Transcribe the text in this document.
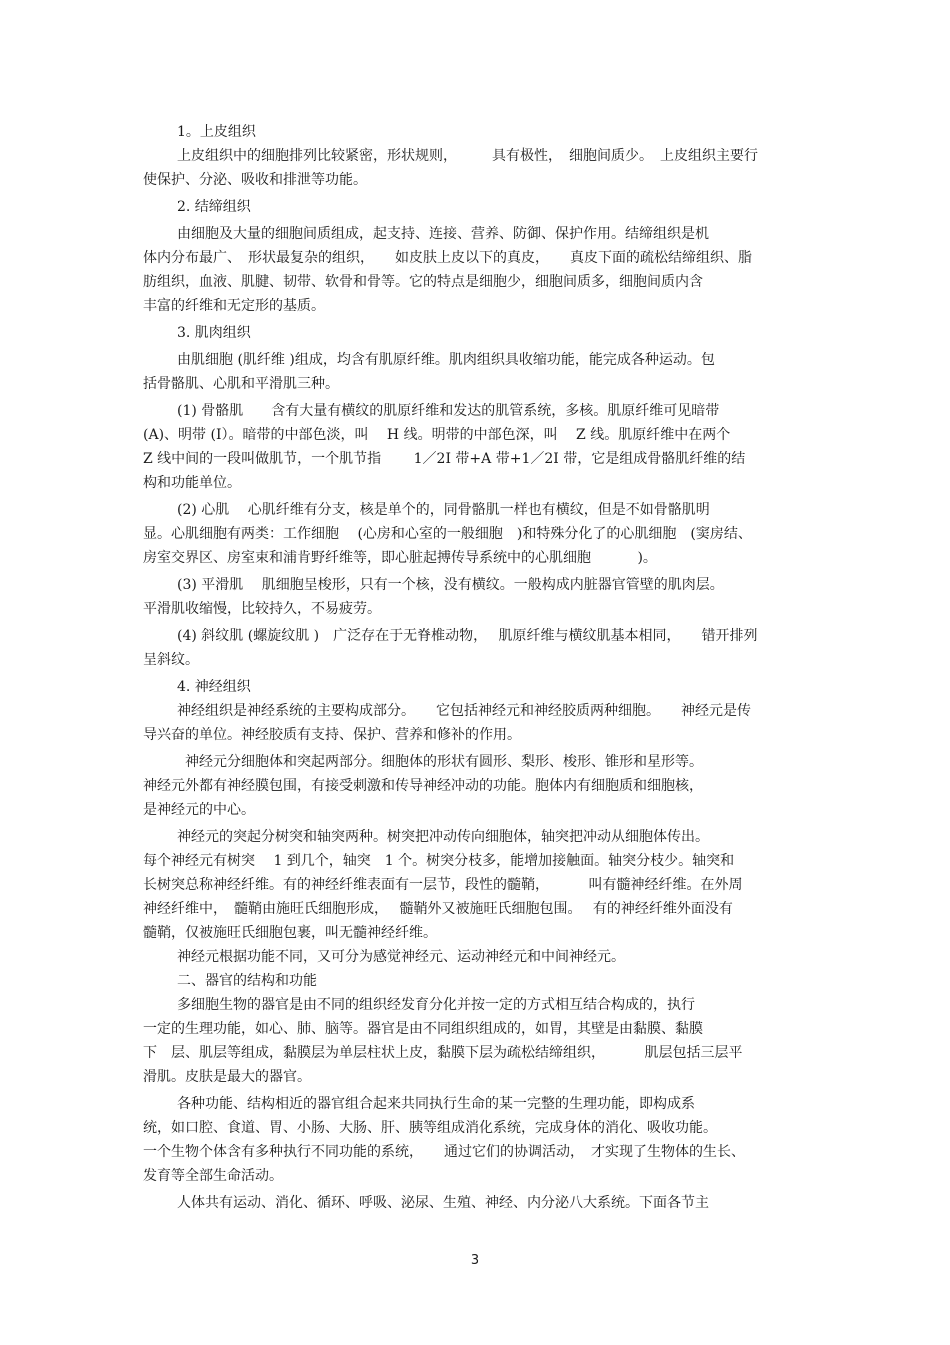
1。上皮组织
上皮组织中的细胞排列比较紧密，形状规则，　　　具有极性，　细胞间质少。　上皮组织主要行
使保护、分泌、吸收和排泄等功能。
2. 结缔组织
由细胞及大量的细胞间质组成，起支持、连接、营养、防御、保护作用。结缔组织是机
体内分布最广、　形状最复杂的组织，　　如皮肤上皮以下的真皮，　　真皮下面的疏松结缔组织、脂
肪组织，血液、肌腱、韧带、软骨和骨等。它的特点是细胞少，细胞间质多，细胞间质内含
丰富的纤维和无定形的基质。
3. 肌肉组织
由肌细胞 (肌纤维 )组成，均含有肌原纤维。肌肉组织具收缩功能，能完成各种运动。包
括骨骼肌、心肌和平滑肌三种。
(1) 骨骼肌　　含有大量有横纹的肌原纤维和发达的肌管系统，多核。肌原纤维可见暗带
(A)、明带 (I）。暗带的中部色淡，叫　 H 线。明带的中部色深，叫　 Z 线。肌原纤维中在两个
Z 线中间的一段叫做肌节，一个肌节指　　 1／2I 带+A 带+1／2I 带，它是组成骨骼肌纤维的结
构和功能单位。
(2) 心肌　 心肌纤维有分支，核是单个的，同骨骼肌一样也有横纹，但是不如骨骼肌明
显。心肌细胞有两类：工作细胞　 (心房和心室的一般细胞　)和特殊分化了的心肌细胞　(窦房结、
房室交界区、房室束和浦肯野纤维等，即心脏起搏传导系统中的心肌细胞　　　 )。
(3) 平滑肌　 肌细胞呈梭形，只有一个核，没有横纹。一般构成内脏器官管壁的肌肉层。
平滑肌收缩慢，比较持久，不易疲劳。
(4) 斜纹肌 (螺旋纹肌 )　广泛存在于无脊椎动物，　 肌原纤维与横纹肌基本相同，　　错开排列
呈斜纹。
4. 神经组织
神经组织是神经系统的主要构成部分。　　它包括神经元和神经胶质两种细胞。　　神经元是传
导兴奋的单位。神经胶质有支持、保护、营养和修补的作用。
神经元分细胞体和突起两部分。细胞体的形状有圆形、梨形、梭形、锥形和星形等。
神经元外都有神经膜包围，有接受刺激和传导神经冲动的功能。胞体内有细胞质和细胞核，
是神经元的中心。
神经元的突起分树突和轴突两种。树突把冲动传向细胞体，轴突把冲动从细胞体传出。
每个神经元有树突　 1 到几个，轴突　1 个。树突分枝多，能增加接触面。轴突分枝少。轴突和
长树突总称神经纤维。有的神经纤维表面有一层节，段性的髓鞘，　　　 叫有髓神经纤维。在外周
神经纤维中，　髓鞘由施旺氏细胞形成，　 髓鞘外又被施旺氏细胞包围。　 有的神经纤维外面没有
髓鞘，仅被施旺氏细胞包裹，叫无髓神经纤维。
神经元根据功能不同，又可分为感觉神经元、运动神经元和中间神经元。
二、器官的结构和功能
多细胞生物的器官是由不同的组织经发育分化并按一定的方式相互结合构成的，执行
一定的生理功能，如心、肺、脑等。器官是由不同组织组成的，如胃，其壁是由黏膜、黏膜
下　层、肌层等组成，黏膜层为单层柱状上皮，黏膜下层为疏松结缔组织，　　　 肌层包括三层平
滑肌。皮肤是最大的器官。
各种功能、结构相近的器官组合起来共同执行生命的某一完整的生理功能，即构成系
统，如口腔、食道、胃、小肠、大肠、肝、胰等组成消化系统，完成身体的消化、吸收功能。
一个生物个体含有多种执行不同功能的系统，　　通过它们的协调活动，　才实现了生物体的生长、
发育等全部生命活动。
人体共有运动、消化、循环、呼吸、泌尿、生殖、神经、内分泌八大系统。下面各节主
3
